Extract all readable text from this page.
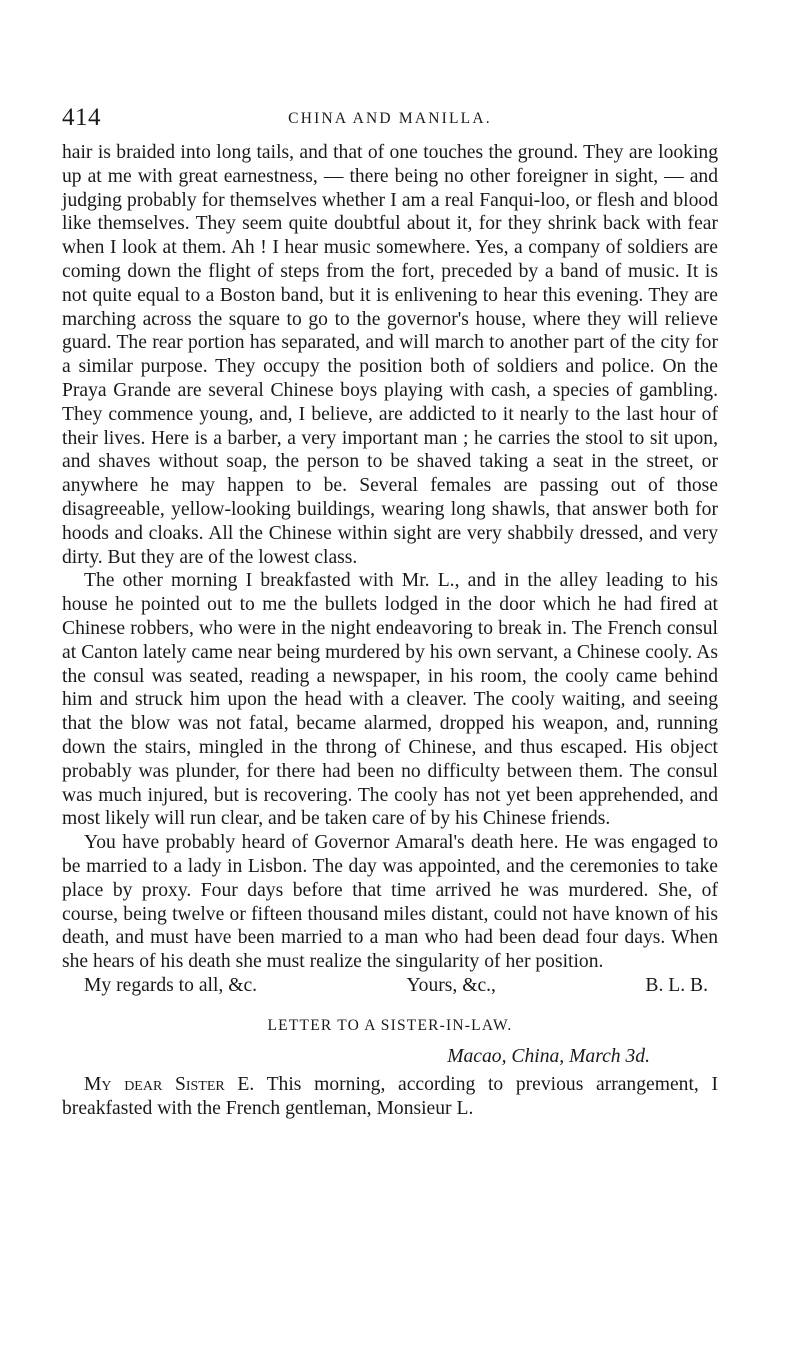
414	CHINA AND MANILLA.

hair is braided into long tails, and that of one touches the ground. They are looking up at me with great earnestness, — there being no other foreigner in sight, — and judging probably for themselves whether I am a real Fanqui-loo, or flesh and blood like themselves. They seem quite doubtful about it, for they shrink back with fear when I look at them. Ah ! I hear music somewhere. Yes, a company of soldiers are coming down the flight of steps from the fort, preceded by a band of music. It is not quite equal to a Boston band, but it is enlivening to hear this evening. They are marching across the square to go to the governor's house, where they will relieve guard. The rear portion has separated, and will march to another part of the city for a similar purpose. They occupy the position both of soldiers and police. On the Praya Grande are several Chinese boys playing with cash, a species of gambling. They commence young, and, I believe, are addicted to it nearly to the last hour of their lives. Here is a barber, a very important man ; he carries the stool to sit upon, and shaves without soap, the person to be shaved taking a seat in the street, or anywhere he may happen to be. Several females are passing out of those disagreeable, yellow-looking buildings, wearing long shawls, that answer both for hoods and cloaks. All the Chinese within sight are very shabbily dressed, and very dirty. But they are of the lowest class.

The other morning I breakfasted with Mr. L., and in the alley leading to his house he pointed out to me the bullets lodged in the door which he had fired at Chinese robbers, who were in the night endeavoring to break in. The French consul at Canton lately came near being murdered by his own servant, a Chinese cooly. As the consul was seated, reading a newspaper, in his room, the cooly came behind him and struck him upon the head with a cleaver. The cooly waiting, and seeing that the blow was not fatal, became alarmed, dropped his weapon, and, running down the stairs, mingled in the throng of Chinese, and thus escaped. His object probably was plunder, for there had been no difficulty between them. The consul was much injured, but is recovering. The cooly has not yet been apprehended, and most likely will run clear, and be taken care of by his Chinese friends.

You have probably heard of Governor Amaral's death here. He was engaged to be married to a lady in Lisbon. The day was appointed, and the ceremonies to take place by proxy. Four days before that time arrived he was murdered. She, of course, being twelve or fifteen thousand miles distant, could not have known of his death, and must have been married to a man who had been dead four days. When she hears of his death she must realize the singularity of her position.

My regards to all, &c.	Yours, &c.,	B. L. B.
LETTER TO A SISTER-IN-LAW.
Macao, China, March 3d.

My dear Sister E. This morning, according to previous arrangement, I breakfasted with the French gentleman, Monsieur L.
